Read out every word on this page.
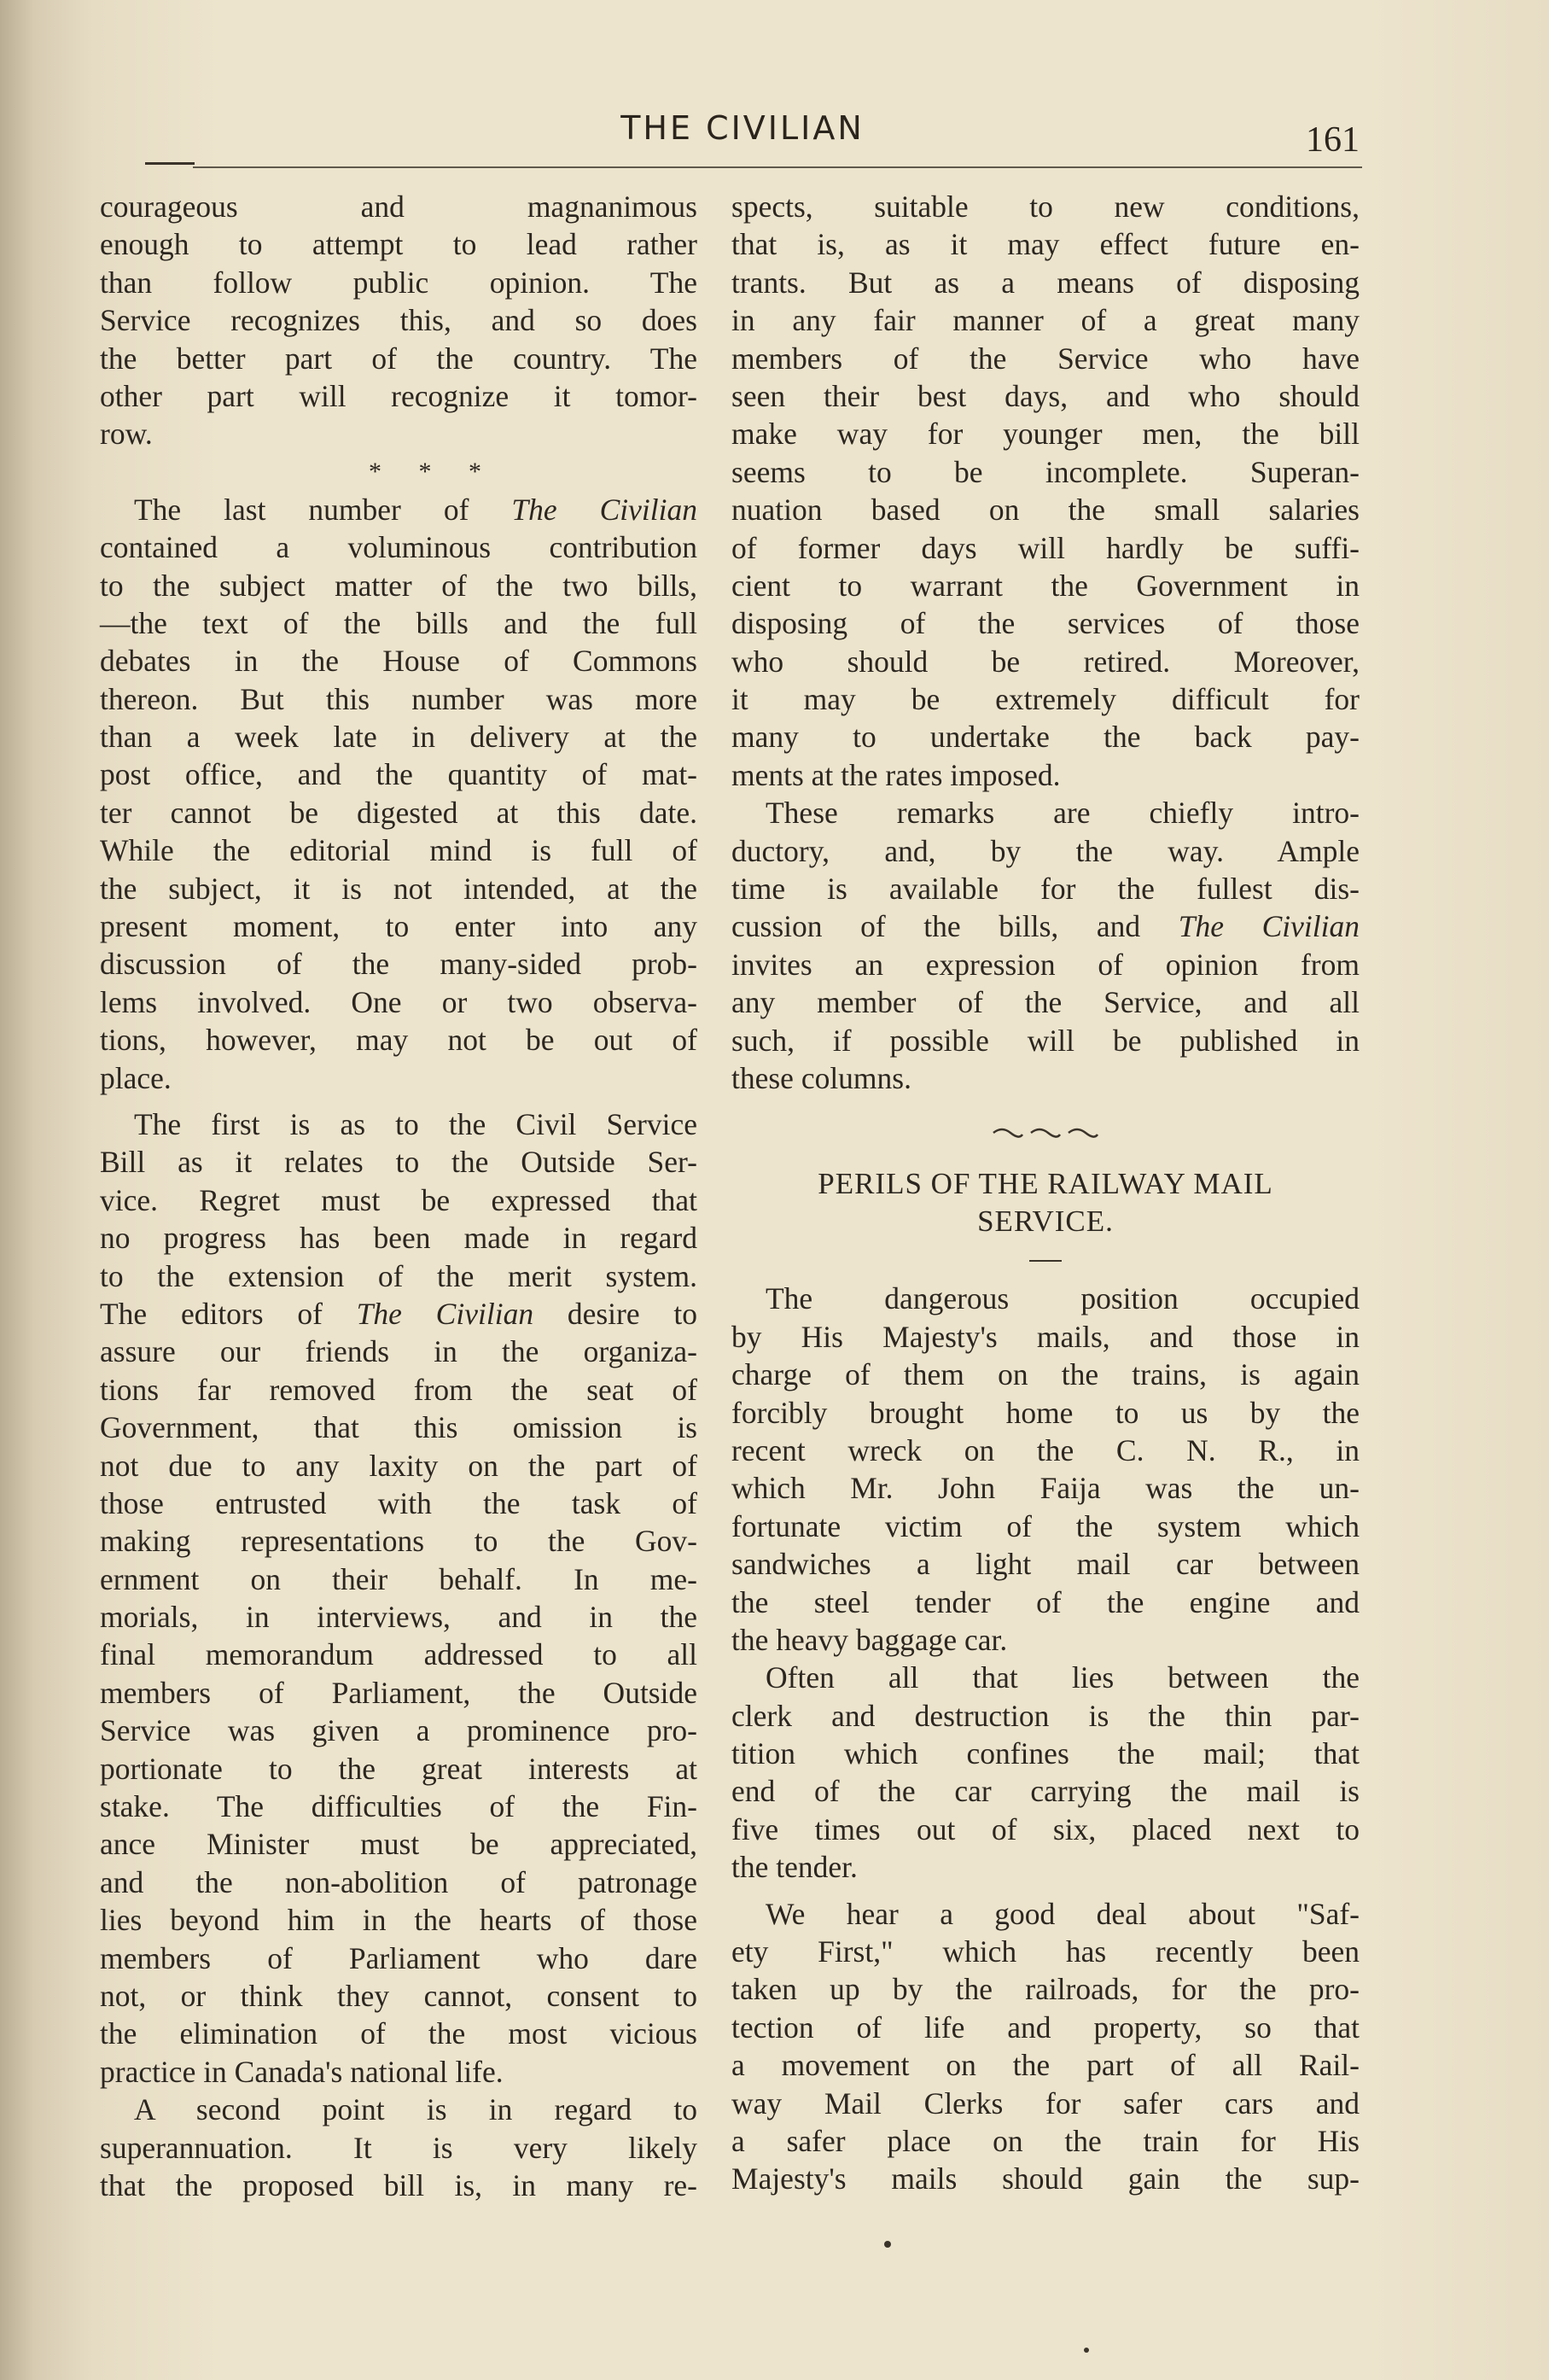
THE CIVILIAN	161
courageous and magnanimous
enough to attempt to lead rather
than follow public opinion. The
Service recognizes this, and so does
the better part of the country. The
other part will recognize it tomor-
row.
* * *
The last number of The Civilian
contained a voluminous contribution
to the subject matter of the two bills,
—the text of the bills and the full
debates in the House of Commons
thereon. But this number was more
than a week late in delivery at the
post office, and the quantity of mat-
ter cannot be digested at this date.
While the editorial mind is full of
the subject, it is not intended, at the
present moment, to enter into any
discussion of the many-sided prob-
lems involved. One or two observa-
tions, however, may not be out of
place.
The first is as to the Civil Service
Bill as it relates to the Outside Ser-
vice. Regret must be expressed that
no progress has been made in regard
to the extension of the merit system.
The editors of The Civilian desire to
assure our friends in the organiza-
tions far removed from the seat of
Government, that this omission is
not due to any laxity on the part of
those entrusted with the task of
making representations to the Gov-
ernment on their behalf. In me-
morials, in interviews, and in the
final memorandum addressed to all
members of Parliament, the Outside
Service was given a prominence pro-
portionate to the great interests at
stake. The difficulties of the Fin-
ance Minister must be appreciated,
and the non-abolition of patronage
lies beyond him in the hearts of those
members of Parliament who dare
not, or think they cannot, consent to
the elimination of the most vicious
practice in Canada's national life.
A second point is in regard to
superannuation. It is very likely
that the proposed bill is, in many re-
spects, suitable to new conditions,
that is, as it may effect future en-
trants. But as a means of disposing
in any fair manner of a great many
members of the Service who have
seen their best days, and who should
make way for younger men, the bill
seems to be incomplete. Superan-
nuation based on the small salaries
of former days will hardly be suffi-
cient to warrant the Government in
disposing of the services of those
who should be retired. Moreover,
it may be extremely difficult for
many to undertake the back pay-
ments at the rates imposed.
These remarks are chiefly intro-
ductory, and, by the way. Ample
time is available for the fullest dis-
cussion of the bills, and The Civilian
invites an expression of opinion from
any member of the Service, and all
such, if possible will be published in
these columns.
PERILS OF THE RAILWAY MAIL
SERVICE.
The dangerous position occupied
by His Majesty's mails, and those in
charge of them on the trains, is again
forcibly brought home to us by the
recent wreck on the C. N. R., in
which Mr. John Faija was the un-
fortunate victim of the system which
sandwiches a light mail car between
the steel tender of the engine and
the heavy baggage car.
Often all that lies between the
clerk and destruction is the thin par-
tition which confines the mail; that
end of the car carrying the mail is
five times out of six, placed next to
the tender.
We hear a good deal about "Saf-
ety First," which has recently been
taken up by the railroads, for the pro-
tection of life and property, so that
a movement on the part of all Rail-
way Mail Clerks for safer cars and
a safer place on the train for His
Majesty's mails should gain the sup-
